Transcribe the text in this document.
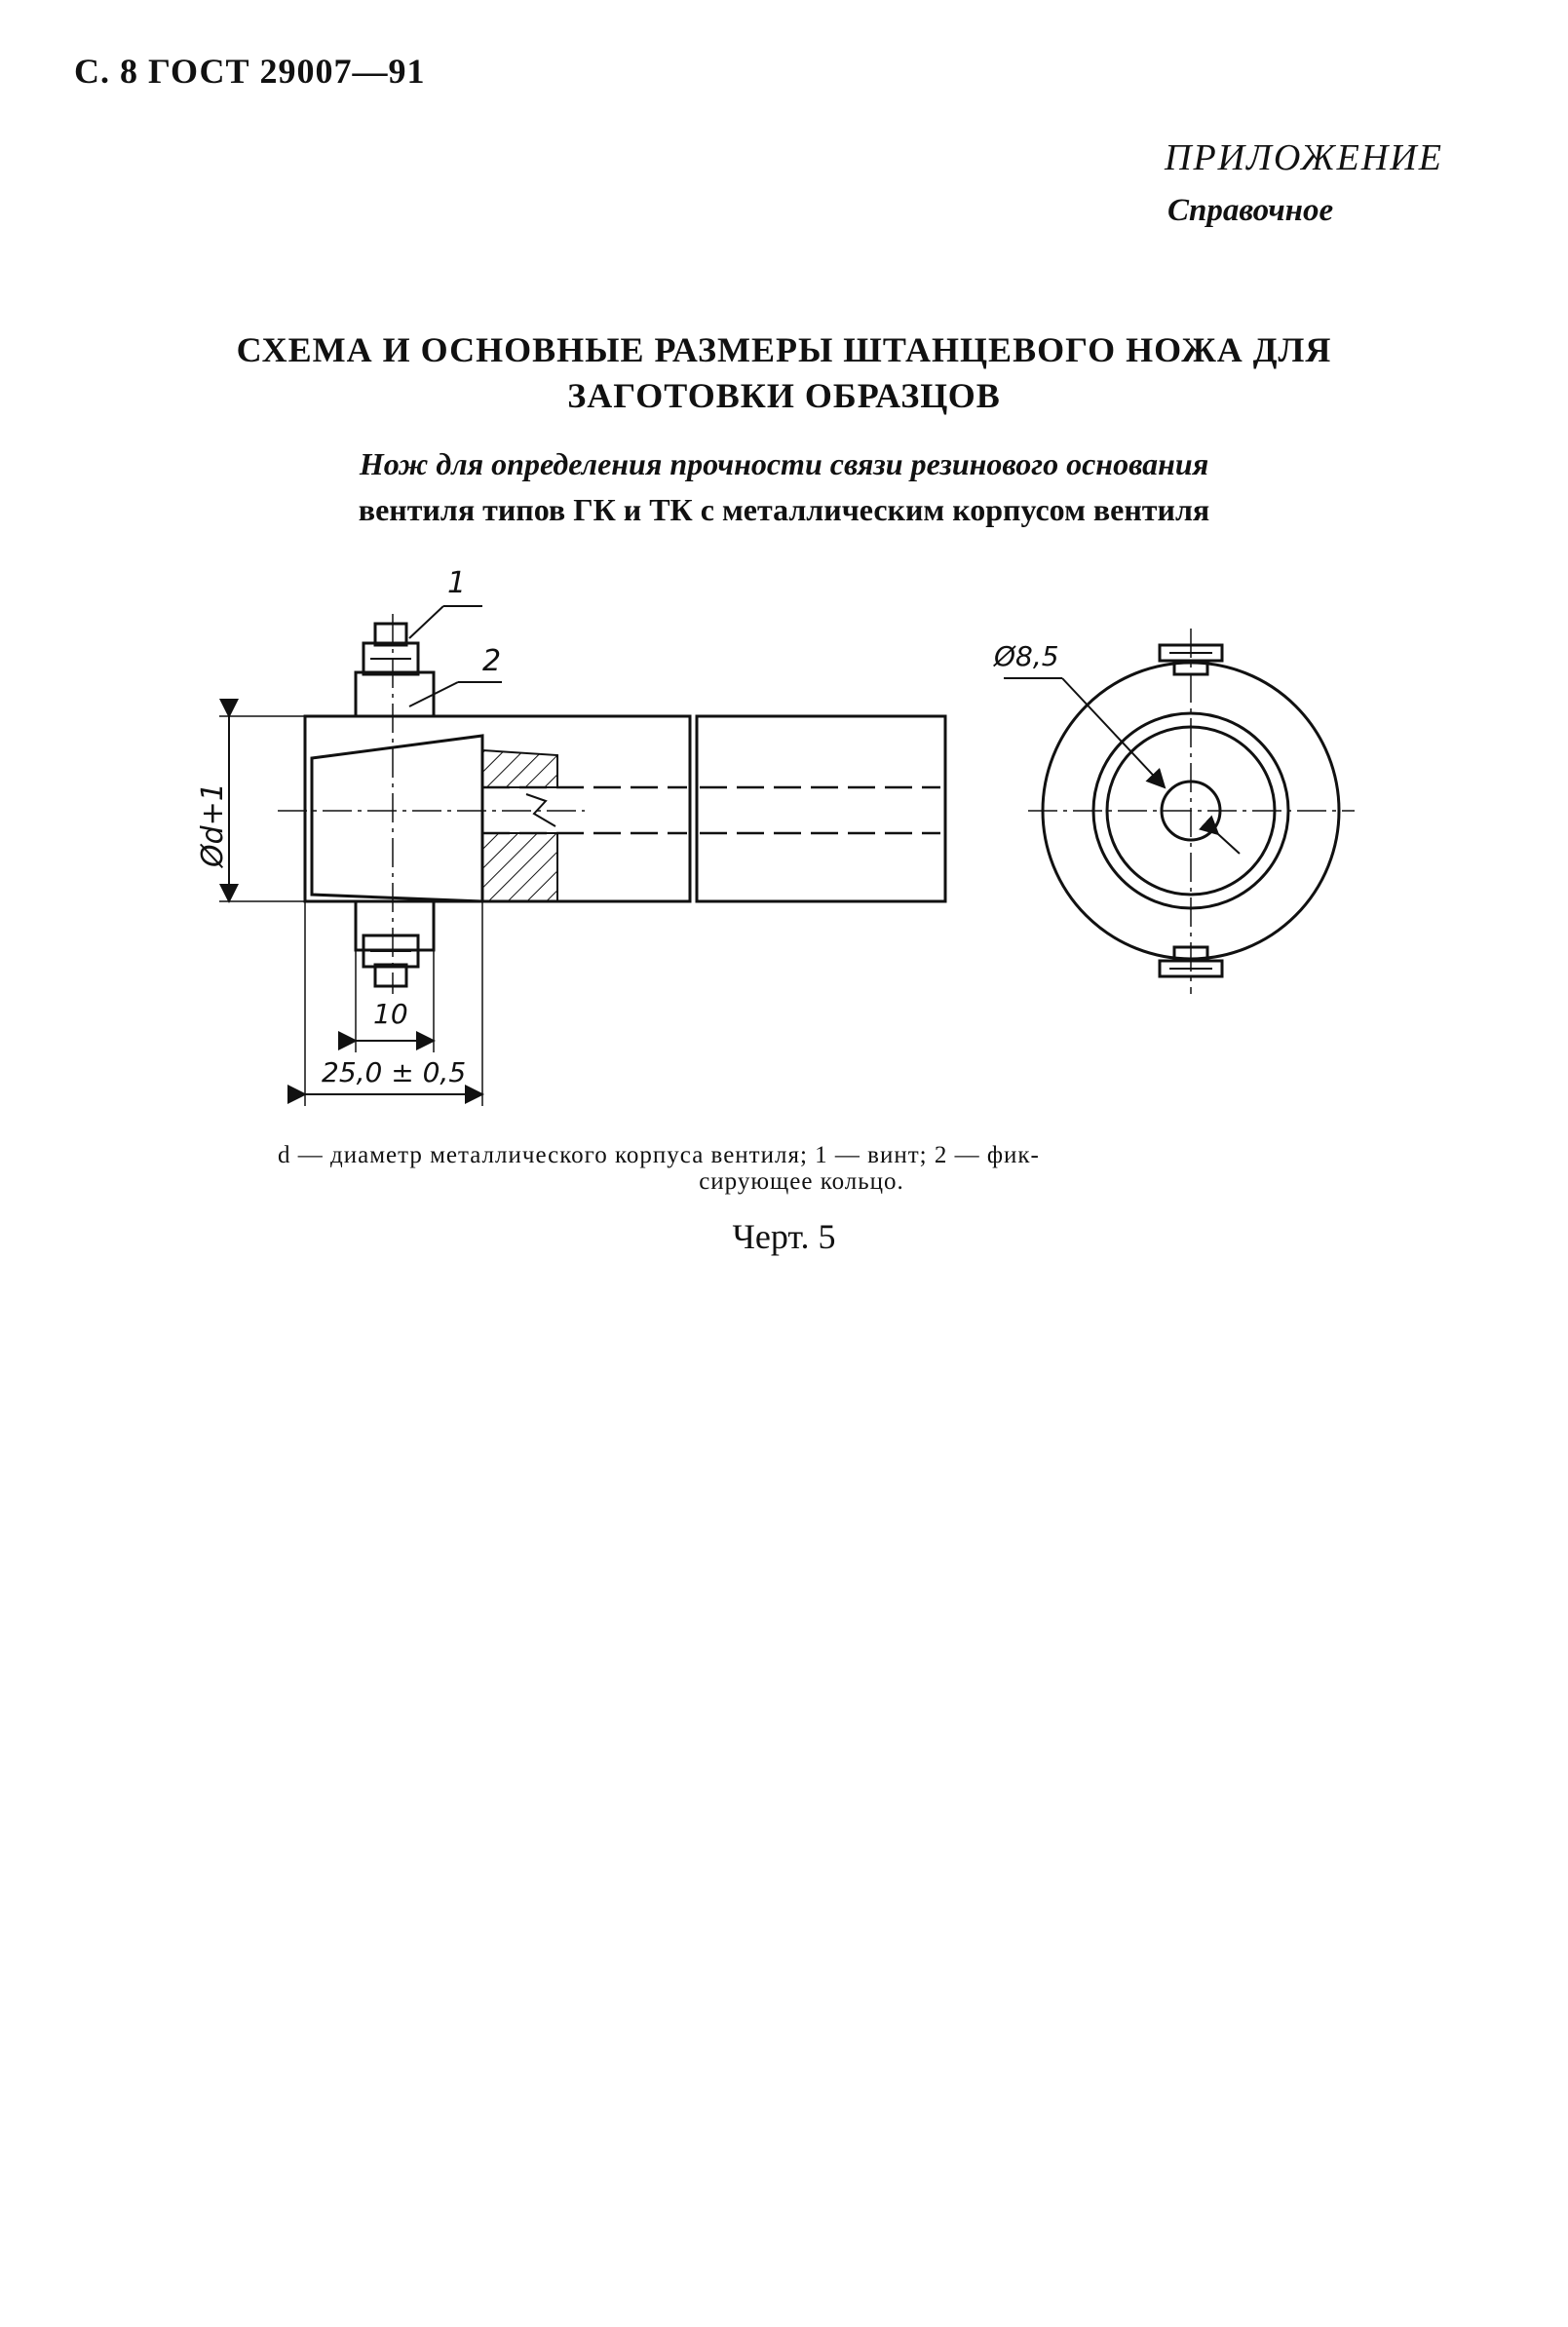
С. 8 ГОСТ 29007—91
ПРИЛОЖЕНИЕ
Справочное
СХЕМА И ОСНОВНЫЕ РАЗМЕРЫ ШТАНЦЕВОГО НОЖА ДЛЯ
ЗАГОТОВКИ ОБРАЗЦОВ
Нож для определения прочности связи резинового основания
вентиля типов ГК и ТК с металлическим корпусом вентиля
1
2
Ød+1
10
25,0 ± 0,5
Ø8,5
d — диаметр металлического корпуса вентиля; 1 — винт; 2 — фик-
сирующее кольцо.
Черт. 5
